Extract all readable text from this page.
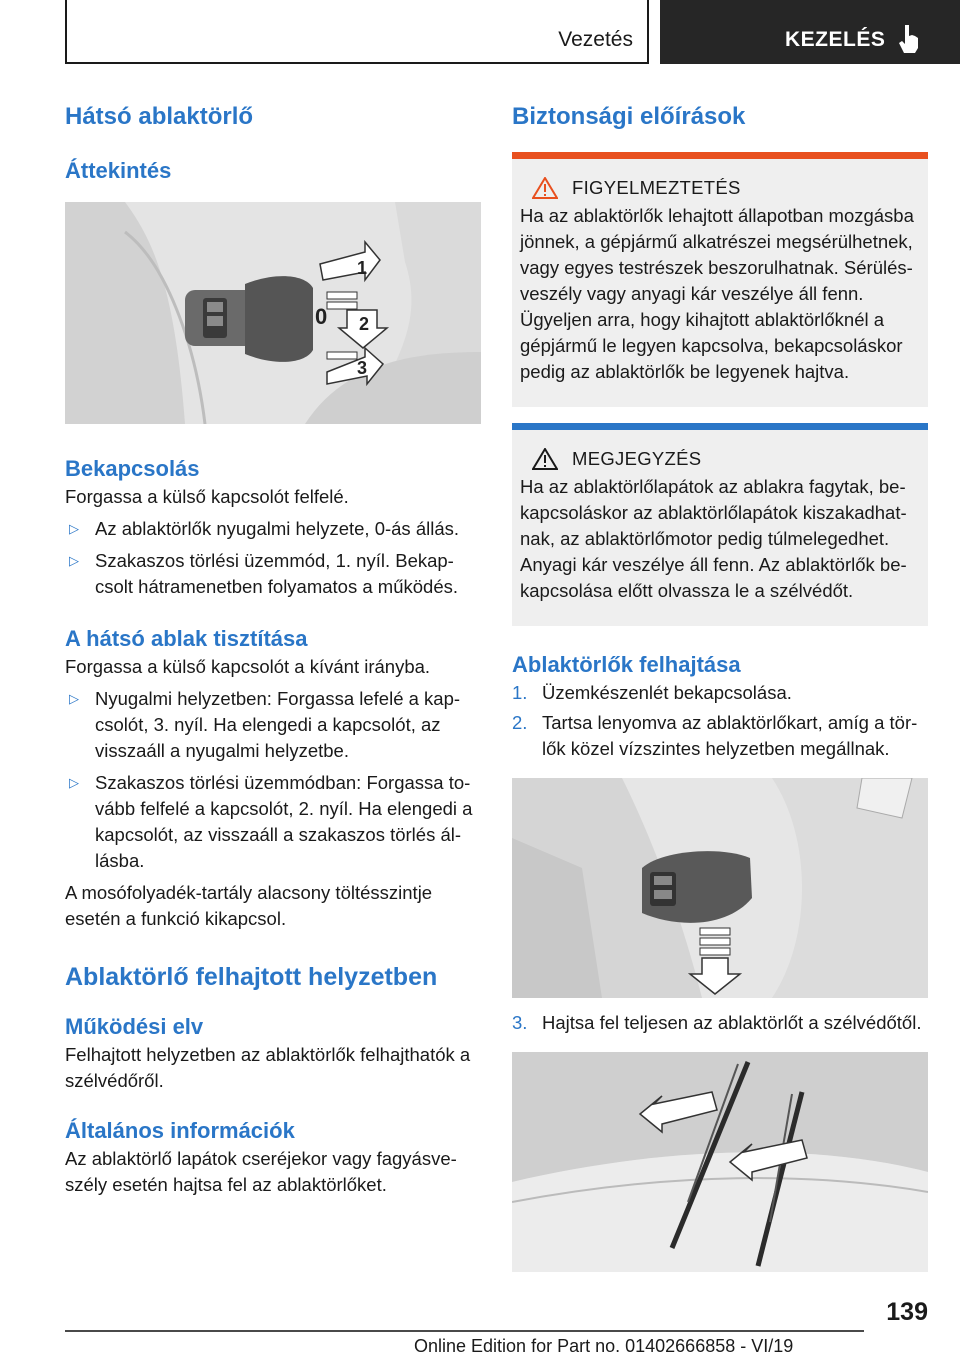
Vezetés	KEZELÉS
Hátsó ablaktörlő
Áttekintés
1
0 2
3
Bekapcsolás
Forgassa a külső kapcsolót felfelé.
▷ Az ablaktörlők nyugalmi helyzete, 0-ás állás.
▷ Szakaszos törlési üzemmód, 1. nyíl. Bekap-csolt hátramenetben folyamatos a működés.
A hátsó ablak tisztítása
Forgassa a külső kapcsolót a kívánt irányba.
▷ Nyugalmi helyzetben: Forgassa lefelé a kap-csolót, 3. nyíl. Ha elengedi a kapcsolót, az visszaáll a nyugalmi helyzetbe.
▷ Szakaszos törlési üzemmódban: Forgassa to-vább felfelé a kapcsolót, 2. nyíl. Ha elengedi a kapcsolót, az visszaáll a szakaszos törlés ál-lásba.
A mosófolyadék-tartály alacsony töltésszintje esetén a funkció kikapcsol.
Ablaktörlő felhajtott helyzetben
Működési elv
Felhajtott helyzetben az ablaktörlők felhajthatók a szélvédőről.
Általános információk
Az ablaktörlő lapátok cseréjekor vagy fagyásve-szély esetén hajtsa fel az ablaktörlőket.
Biztonsági előírások
FIGYELMEZTETÉS
Ha az ablaktörlők lehajtott állapotban mozgásba jönnek, a gépjármű alkatrészei megsérülhetnek, vagy egyes testrészek beszorulhatnak. Sérülés-veszély vagy anyagi kár veszélye áll fenn. Ügyeljen arra, hogy kihajtott ablaktörlőknél a gépjármű le legyen kapcsolva, bekapcsoláskor pedig az ablaktörlők be legyenek hajtva.
MEGJEGYZÉS
Ha az ablaktörlőlapátok az ablakra fagytak, be-kapcsoláskor az ablaktörlőlapátok kiszakadhat-nak, az ablaktörlőmotor pedig túlmelegedhet. Anyagi kár veszélye áll fenn. Az ablaktörlők be-kapcsolása előtt olvassza le a szélvédőt.
Ablaktörlők felhajtása
1. Üzemkészenlét bekapcsolása.
2. Tartsa lenyomva az ablaktörlőkart, amíg a tör-lők közel vízszintes helyzetben megállnak.
3. Hajtsa fel teljesen az ablaktörlőt a szélvédőtől.
139
Online Edition for Part no. 01402666858 - VI/19
